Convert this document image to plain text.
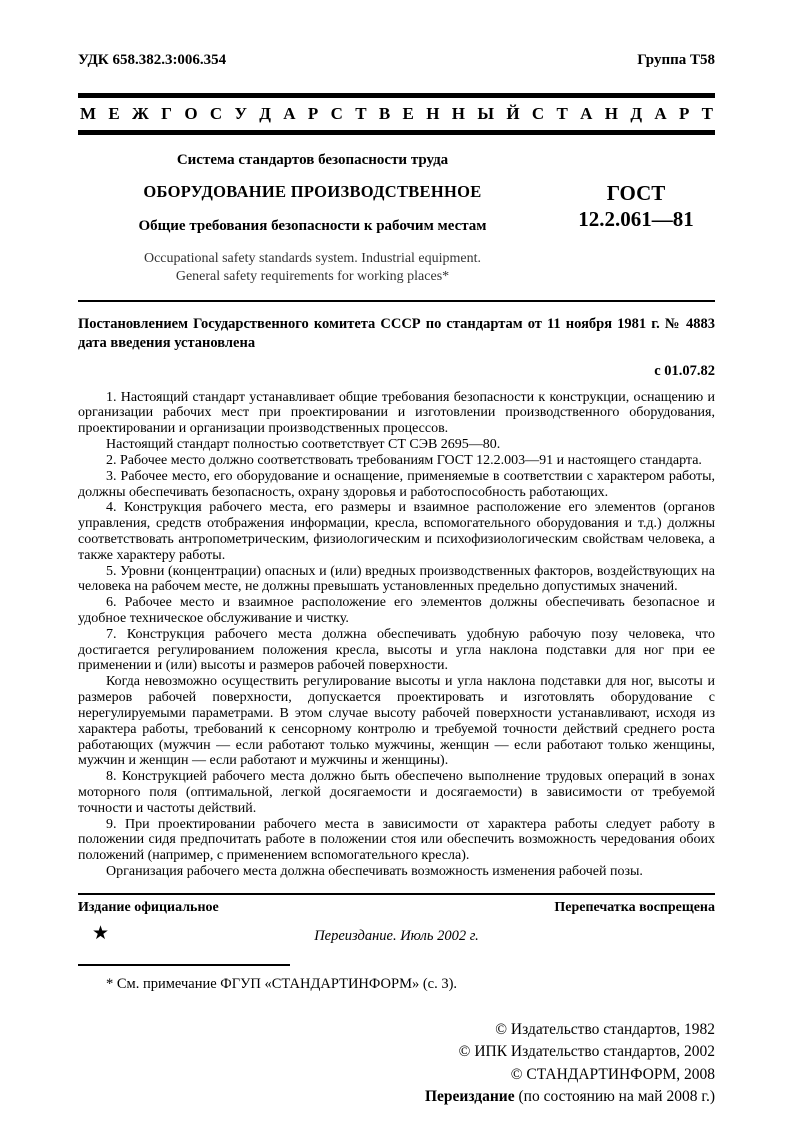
УДК 658.382.3:006.354	Группа Т58
М Е Ж Г О С У Д А Р С Т В Е Н Н Ы Й С Т А Н Д А Р Т
Система стандартов безопасности труда
ОБОРУДОВАНИЕ ПРОИЗВОДСТВЕННОЕ
Общие требования безопасности к рабочим местам
Occupational safety standards system. Industrial equipment.
General safety requirements for working places*
ГОСТ
12.2.061—81

Постановлением Государственного комитета СССР по стандартам от 11 ноября 1981 г. № 4883 дата введения установлена

с 01.07.82

1. Настоящий стандарт устанавливает общие требования безопасности к конструкции, оснащению и организации рабочих мест при проектировании и изготовлении производственного оборудования, проектировании и организации производственных процессов.

Настоящий стандарт полностью соответствует СТ СЭВ 2695—80.

2. Рабочее место должно соответствовать требованиям ГОСТ 12.2.003—91 и настоящего стандарта.

3. Рабочее место, его оборудование и оснащение, применяемые в соответствии с характером работы, должны обеспечивать безопасность, охрану здоровья и работоспособность работающих.

4. Конструкция рабочего места, его размеры и взаимное расположение его элементов (органов управления, средств отображения информации, кресла, вспомогательного оборудования и т.д.) должны соответствовать антропометрическим, физиологическим и психофизиологическим свойствам человека, а также характеру работы.

5. Уровни (концентрации) опасных и (или) вредных производственных факторов, воздействующих на человека на рабочем месте, не должны превышать установленных предельно допустимых значений.

6. Рабочее место и взаимное расположение его элементов должны обеспечивать безопасное и удобное техническое обслуживание и чистку.

7. Конструкция рабочего места должна обеспечивать удобную рабочую позу человека, что достигается регулированием положения кресла, высоты и угла наклона подставки для ног при ее применении и (или) высоты и размеров рабочей поверхности.

Когда невозможно осуществить регулирование высоты и угла наклона подставки для ног, высоты и размеров рабочей поверхности, допускается проектировать и изготовлять оборудование с нерегулируемыми параметрами. В этом случае высоту рабочей поверхности устанавливают, исходя из характера работы, требований к сенсорному контролю и требуемой точности действий среднего роста работающих (мужчин — если работают только мужчины, женщин — если работают только женщины, мужчин и женщин — если работают и мужчины и женщины).

8. Конструкцией рабочего места должно быть обеспечено выполнение трудовых операций в зонах моторного поля (оптимальной, легкой досягаемости и досягаемости) в зависимости от требуемой точности и частоты действий.

9. При проектировании рабочего места в зависимости от характера работы следует работу в положении сидя предпочитать работе в положении стоя или обеспечить возможность чередования обоих положений (например, с применением вспомогательного кресла).

Организация рабочего места должна обеспечивать возможность изменения рабочей позы.

Издание официальное	Перепечатка воспрещена
★	Переиздание. Июль 2002 г.
* См. примечание ФГУП «СТАНДАРТИНФОРМ» (с. 3).
© Издательство стандартов, 1982
© ИПК Издательство стандартов, 2002
© СТАНДАРТИНФОРМ, 2008
Переиздание (по состоянию на май 2008 г.)
